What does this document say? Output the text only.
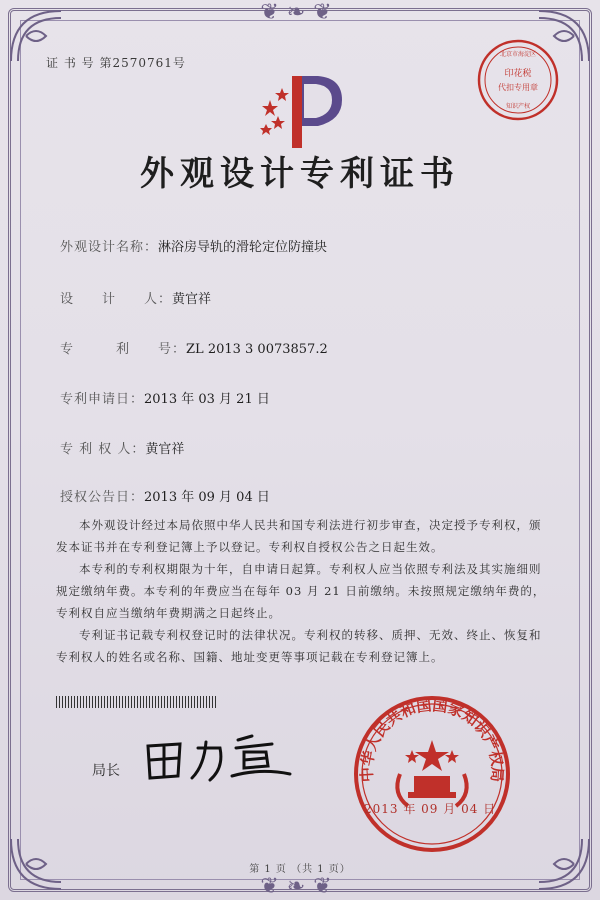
❦❧❦
❦❧❦
证 书 号 第2570761号
印花税
代扣专用章
北京市海淀区
知识产权
外观设计专利证书
外观设计名称：淋浴房导轨的滑轮定位防撞块
设　　计　　人：黄官祥
专　　　利　　号：ZL 2013 3 0073857.2
专利申请日：2013 年 03 月 21 日
专 利 权 人：黄官祥
授权公告日：2013 年 09 月 04 日

本外观设计经过本局依照中华人民共和国专利法进行初步审查，决定授予专利权，颁发本证书并在专利登记簿上予以登记。专利权自授权公告之日起生效。

本专利的专利权期限为十年，自申请日起算。专利权人应当依照专利法及其实施细则规定缴纳年费。本专利的年费应当在每年 03 月 21 日前缴纳。未按照规定缴纳年费的，专利权自应当缴纳年费期满之日起终止。

专利证书记载专利权登记时的法律状况。专利权的转移、质押、无效、终止、恢复和专利权人的姓名或名称、国籍、地址变更等事项记载在专利登记簿上。

局长	中华人民共和国国家知识产权局
2013 年 09 月 04 日
第 1 页 （共 1 页）
